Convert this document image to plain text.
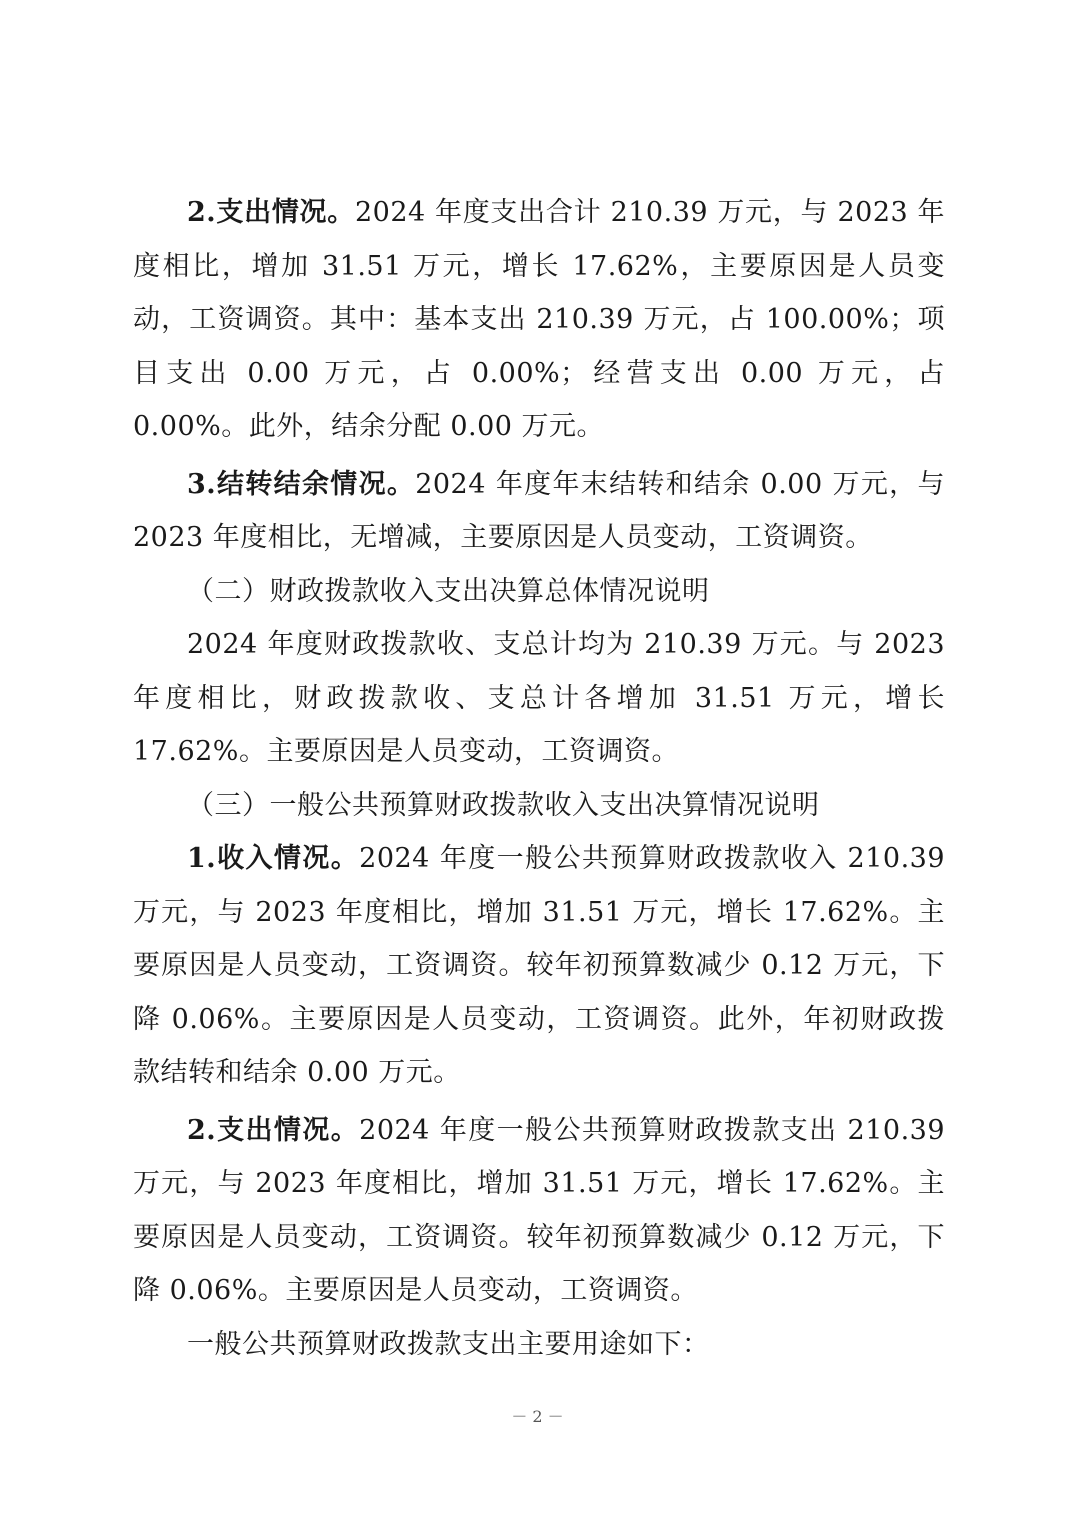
2.支出情况。2024 年度支出合计 210.39 万元，与 2023 年度相比，增加 31.51 万元，增长 17.62%，主要原因是人员变动，工资调资。其中：基本支出 210.39 万元，占 100.00%；项目支出 0.00 万元，占 0.00%；经营支出 0.00 万元，占 0.00%。此外，结余分配 0.00 万元。

3.结转结余情况。2024 年度年末结转和结余 0.00 万元，与 2023 年度相比，无增减，主要原因是人员变动，工资调资。

（二）财政拨款收入支出决算总体情况说明

2024 年度财政拨款收、支总计均为 210.39 万元。与 2023 年度相比，财政拨款收、支总计各增加 31.51 万元，增长 17.62%。主要原因是人员变动，工资调资。

（三）一般公共预算财政拨款收入支出决算情况说明

1.收入情况。2024 年度一般公共预算财政拨款收入 210.39 万元，与 2023 年度相比，增加 31.51 万元，增长 17.62%。主要原因是人员变动，工资调资。较年初预算数减少 0.12 万元，下降 0.06%。主要原因是人员变动，工资调资。此外，年初财政拨款结转和结余 0.00 万元。

2.支出情况。2024 年度一般公共预算财政拨款支出 210.39 万元，与 2023 年度相比，增加 31.51 万元，增长 17.62%。主要原因是人员变动，工资调资。较年初预算数减少 0.12 万元，下降 0.06%。主要原因是人员变动，工资调资。

一般公共预算财政拨款支出主要用途如下：

－ 2 －
